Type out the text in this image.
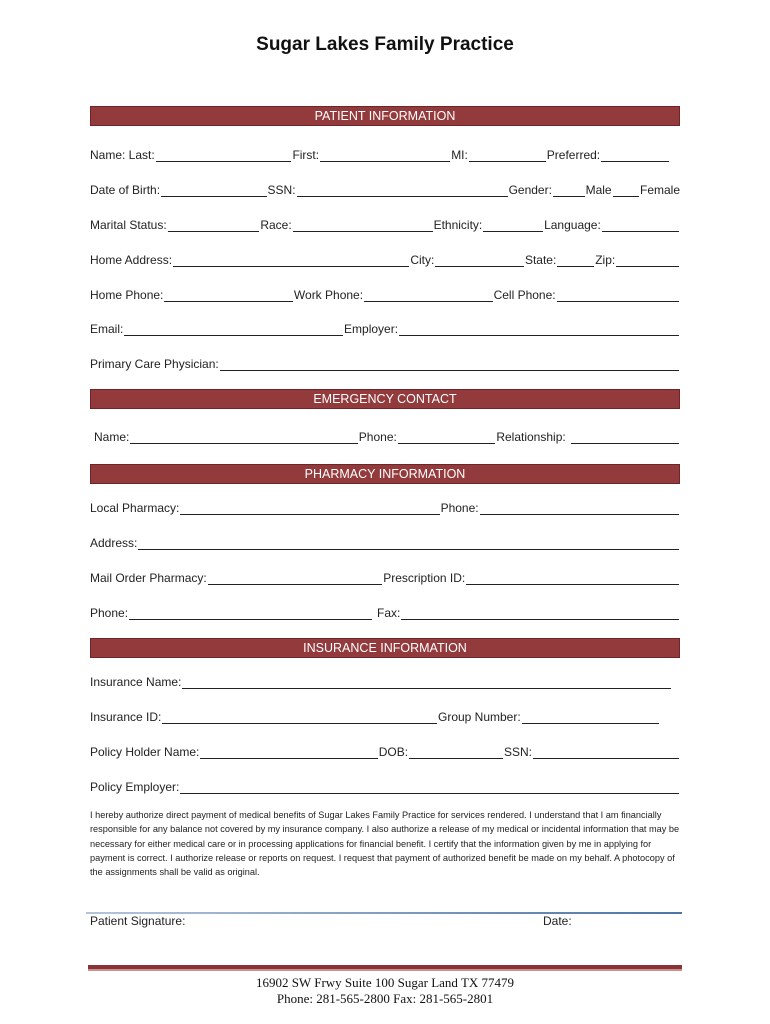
Sugar Lakes Family Practice
PATIENT INFORMATION
Name: Last:	First:	MI:	Preferred:
Date of Birth:	SSN:	Gender:	Male Female
Marital Status:	Race:	Ethnicity:	Language:
Home Address:	City:	State:	Zip:
Home Phone:	Work Phone:	Cell Phone:
Email:	Employer:
Primary Care Physician:
EMERGENCY CONTACT
Name:	Phone:	Relationship:
PHARMACY INFORMATION
Local Pharmacy:	Phone:
Address:
Mail Order Pharmacy:	Prescription ID:
Phone:	Fax:
INSURANCE INFORMATION
Insurance Name:
Insurance ID:	Group Number:
Policy Holder Name:	DOB:	SSN:
Policy Employer:
I hereby authorize direct payment of medical benefits of Sugar Lakes Family Practice for services rendered. I understand that I am financially responsible for any balance not covered by my insurance company. I also authorize a release of my medical or incidental information that may be necessary for either medical care or in processing applications for financial benefit. I certify that the information given by me in applying for payment is correct. I authorize release or reports on request. I request that payment of authorized benefit be made on my behalf. A photocopy of the assignments shall be valid as original.
Patient Signature:	Date:
16902 SW Frwy Suite 100 Sugar Land TX 77479
Phone: 281-565-2800 Fax: 281-565-2801
